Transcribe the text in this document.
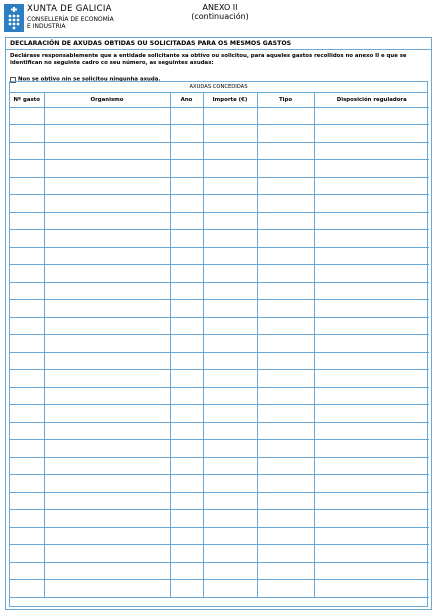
XUNTA DE GALICIA
CONSELLERÍA DE ECONOMÍA
E INDUSTRIA
ANEXO II
(continuación)
DECLARACIÓN DE AXUDAS OBTIDAS OU SOLICITADAS PARA OS MESMOS GASTOS
Declárase responsablemente que a entidade solicitante xa obtivo ou solicitou, para aqueles gastos recollidos no anexo II e que se identifican no seguinte cadro co seu número, as seguintes axudas:
Non se obtivo nin se solicitou ningunha axuda.
AXUDAS CONCEDIDAS
Nº gasto	Organismo	Ano	Importe (€)	Tipo	Disposición reguladora
